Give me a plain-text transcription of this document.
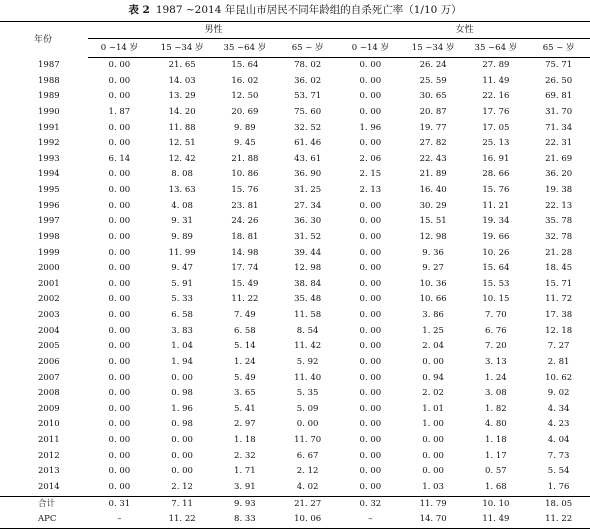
表 2 1987 ~2014 年昆山市居民不同年龄组的自杀死亡率（1/10 万）
年份	男性				女性			
	0 ~14 岁	15 ~34 岁	35 ~64 岁	65 ~ 岁		0 ~14 岁	15 ~34 岁	35 ~64 岁	65 ~ 岁
1987	0. 00	21. 65	15. 64	78. 02		0. 00	26. 24	27. 89	75. 71
1988	0. 00	14. 03	16. 02	36. 02		0. 00	25. 59	11. 49	26. 50
1989	0. 00	13. 29	12. 50	53. 71		0. 00	30. 65	22. 16	69. 81
1990	1. 87	14. 20	20. 69	75. 60		0. 00	20. 87	17. 76	31. 70
1991	0. 00	11. 88	9. 89	32. 52		1. 96	19. 77	17. 05	71. 34
1992	0. 00	12. 51	9. 45	61. 46		0. 00	27. 82	25. 13	22. 31
1993	6. 14	12. 42	21. 88	43. 61		2. 06	22. 43	16. 91	21. 69
1994	0. 00	8. 08	10. 86	36. 90		2. 15	21. 89	28. 66	36. 20
1995	0. 00	13. 63	15. 76	31. 25		2. 13	16. 40	15. 76	19. 38
1996	0. 00	4. 08	23. 81	27. 34		0. 00	30. 29	11. 21	22. 13
1997	0. 00	9. 31	24. 26	36. 30		0. 00	15. 51	19. 34	35. 78
1998	0. 00	9. 89	18. 81	31. 52		0. 00	12. 98	19. 66	32. 78
1999	0. 00	11. 99	14. 98	39. 44		0. 00	9. 36	10. 26	21. 28
2000	0. 00	9. 47	17. 74	12. 98		0. 00	9. 27	15. 64	18. 45
2001	0. 00	5. 91	15. 49	38. 84		0. 00	10. 36	15. 53	15. 71
2002	0. 00	5. 33	11. 22	35. 48		0. 00	10. 66	10. 15	11. 72
2003	0. 00	6. 58	7. 49	11. 58		0. 00	3. 86	7. 70	17. 38
2004	0. 00	3. 83	6. 58	8. 54		0. 00	1. 25	6. 76	12. 18
2005	0. 00	1. 04	5. 14	11. 42		0. 00	2. 04	7. 20	7. 27
2006	0. 00	1. 94	1. 24	5. 92		0. 00	0. 00	3. 13	2. 81
2007	0. 00	0. 00	5. 49	11. 40		0. 00	0. 94	1. 24	10. 62
2008	0. 00	0. 98	3. 65	5. 35		0. 00	2. 02	3. 08	9. 02
2009	0. 00	1. 96	5. 41	5. 09		0. 00	1. 01	1. 82	4. 34
2010	0. 00	0. 98	2. 97	0. 00		0. 00	1. 00	4. 80	4. 23
2011	0. 00	0. 00	1. 18	11. 70		0. 00	0. 00	1. 18	4. 04
2012	0. 00	0. 00	2. 32	6. 67		0. 00	0. 00	1. 17	7. 73
2013	0. 00	0. 00	1. 71	2. 12		0. 00	0. 00	0. 57	5. 54
2014	0. 00	2. 12	3. 91	4. 02		0. 00	1. 03	1. 68	1. 76
合计	0. 31	7. 11	9. 93	21. 27		0. 32	11. 79	10. 10	18. 05
APC	–	11. 22	8. 33	10. 06		–	14. 70	11. 49	11. 22
